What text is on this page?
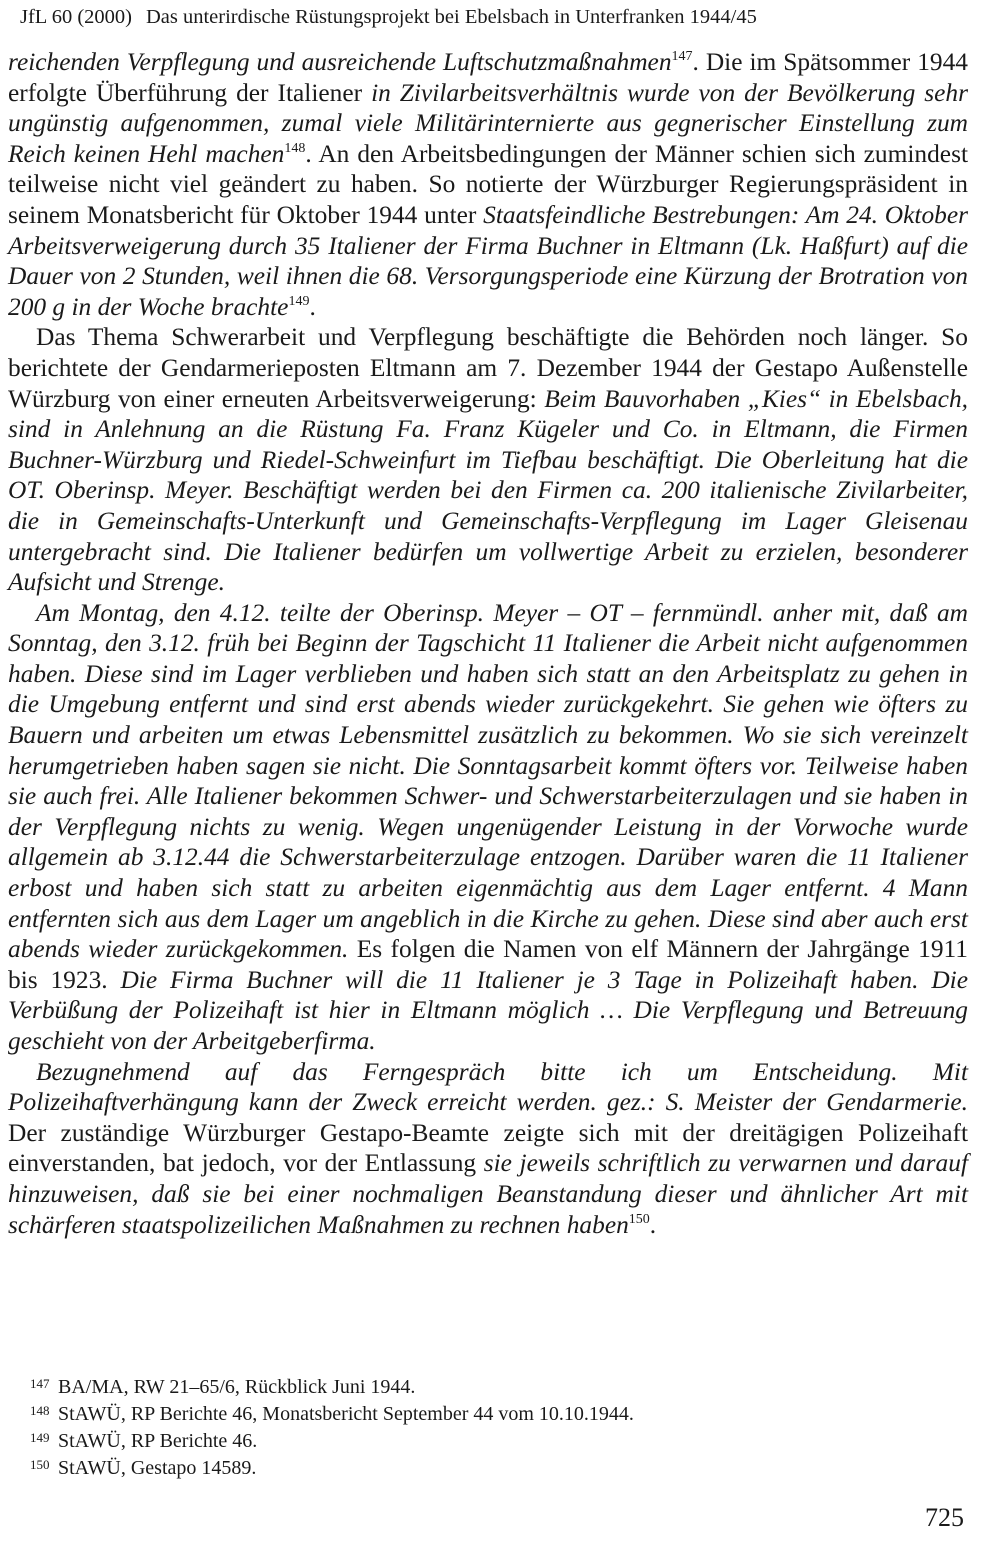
JfL 60 (2000) Das unterirdische Rüstungsprojekt bei Ebelsbach in Unterfranken 1944/45

reichenden Verpflegung und ausreichende Luftschutzmaßnahmen$^{147}$. Die im Spätsommer 1944 erfolgte Überführung der Italiener in Zivilarbeitsverhältnis wurde von der Bevölkerung sehr ungünstig aufgenommen, zumal viele Militärinternierte aus gegnerischer Einstellung zum Reich keinen Hehl machen$^{148}$. An den Arbeitsbedingungen der Männer schien sich zumindest teilweise nicht viel geändert zu haben. So notierte der Würzburger Regierungspräsident in seinem Monatsbericht für Oktober 1944 unter Staatsfeindliche Bestrebungen: Am 24. Oktober Arbeitsverweigerung durch 35 Italiener der Firma Buchner in Eltmann (Lk. Haßfurt) auf die Dauer von 2 Stunden, weil ihnen die 68. Versorgungsperiode eine Kürzung der Brotration von 200 g in der Woche brachte$^{149}$.

Das Thema Schwerarbeit und Verpflegung beschäftigte die Behörden noch länger. So berichtete der Gendarmerieposten Eltmann am 7. Dezember 1944 der Gestapo Außenstelle Würzburg von einer erneuten Arbeitsverweigerung: Beim Bauvorhaben „Kies“ in Ebelsbach, sind in Anlehnung an die Rüstung Fa. Franz Kügeler und Co. in Eltmann, die Firmen Buchner-Würzburg und Riedel-Schweinfurt im Tiefbau beschäftigt. Die Oberleitung hat die OT. Oberinsp. Meyer. Beschäftigt werden bei den Firmen ca. 200 italienische Zivilarbeiter, die in Gemeinschafts-Unterkunft und Gemeinschafts-Verpflegung im Lager Gleisenau untergebracht sind. Die Italiener bedürfen um vollwertige Arbeit zu erzielen, besonderer Aufsicht und Strenge.

Am Montag, den 4.12. teilte der Oberinsp. Meyer – OT – fernmündl. anher mit, daß am Sonntag, den 3.12. früh bei Beginn der Tagschicht 11 Italiener die Arbeit nicht aufgenommen haben. Diese sind im Lager verblieben und haben sich statt an den Arbeitsplatz zu gehen in die Umgebung entfernt und sind erst abends wieder zurückgekehrt. Sie gehen wie öfters zu Bauern und arbeiten um etwas Lebensmittel zusätzlich zu bekommen. Wo sie sich vereinzelt herumgetrieben haben sagen sie nicht. Die Sonntagsarbeit kommt öfters vor. Teilweise haben sie auch frei. Alle Italiener bekommen Schwer- und Schwerstarbeiterzulagen und sie haben in der Verpflegung nichts zu wenig. Wegen ungenügender Leistung in der Vorwoche wurde allgemein ab 3.12.44 die Schwerstarbeiterzulage entzogen. Darüber waren die 11 Italiener erbost und haben sich statt zu arbeiten eigenmächtig aus dem Lager entfernt. 4 Mann entfernten sich aus dem Lager um angeblich in die Kirche zu gehen. Diese sind aber auch erst abends wieder zurückgekommen. Es folgen die Namen von elf Männern der Jahrgänge 1911 bis 1923. Die Firma Buchner will die 11 Italiener je 3 Tage in Polizeihaft haben. Die Verbüßung der Polizeihaft ist hier in Eltmann möglich … Die Verpflegung und Betreuung geschieht von der Arbeitgeberfirma.

Bezugnehmend auf das Ferngespräch bitte ich um Entscheidung. Mit Polizeihaftverhängung kann der Zweck erreicht werden. gez.: S. Meister der Gendarmerie. Der zuständige Würzburger Gestapo-Beamte zeigte sich mit der dreitägigen Polizeihaft einverstanden, bat jedoch, vor der Entlassung sie jeweils schriftlich zu verwarnen und darauf hinzuweisen, daß sie bei einer nochmaligen Beanstandung dieser und ähnlicher Art mit schärferen staatspolizeilichen Maßnahmen zu rechnen haben$^{150}$.

147 BA/MA, RW 21–65/6, Rückblick Juni 1944.
148 StAWÜ, RP Berichte 46, Monatsbericht September 44 vom 10.10.1944.
149 StAWÜ, RP Berichte 46.
150 StAWÜ, Gestapo 14589.
725
